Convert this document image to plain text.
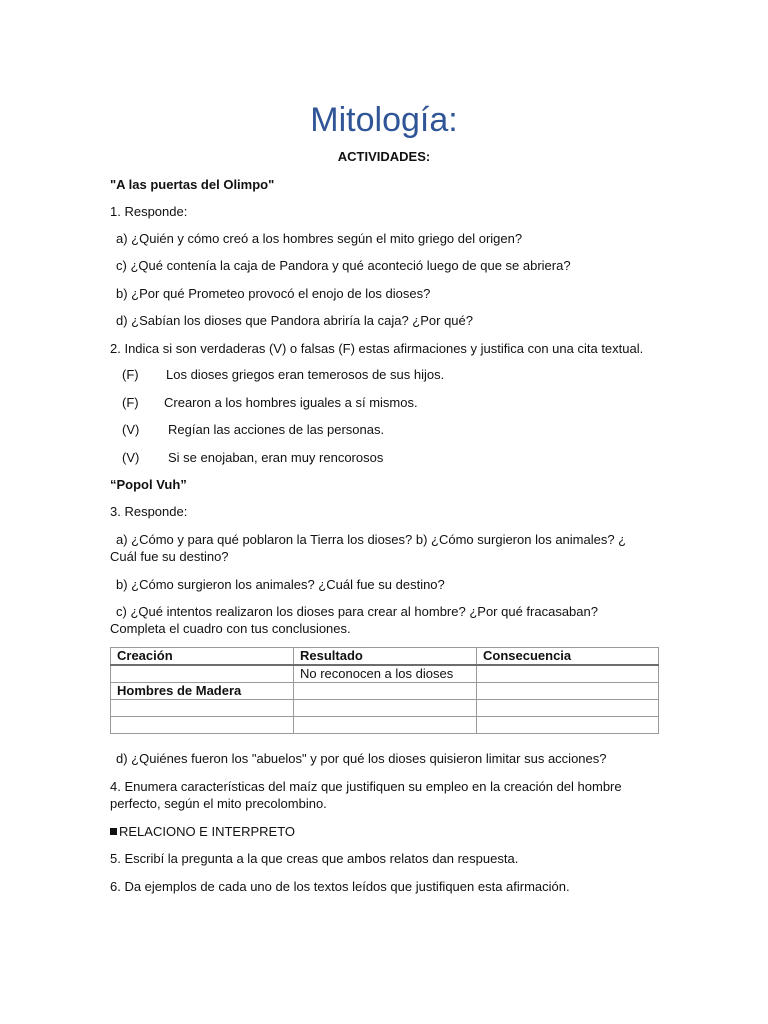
Mitología:
ACTIVIDADES:
"A las puertas del Olimpo"
1. Responde:
a) ¿Quién y cómo creó a los hombres según el mito griego del origen?
c) ¿Qué contenía la caja de Pandora y qué aconteció luego de que se abriera?
b) ¿Por qué Prometeo provocó el enojo de los dioses?
d) ¿Sabían los dioses que Pandora abriría la caja? ¿Por qué?
2. Indica si son verdaderas (V) o falsas (F) estas afirmaciones y justifica con una cita textual.
(F) Los dioses griegos eran temerosos de sus hijos.
(F) Crearon a los hombres iguales a sí mismos.
(V) Regían las acciones de las personas.
(V) Si se enojaban, eran muy rencorosos
“Popol Vuh”
3. Responde:
a) ¿Cómo y para qué poblaron la Tierra los dioses? b) ¿Cómo surgieron los animales? ¿ Cuál fue su destino?
b) ¿Cómo surgieron los animales? ¿Cuál fue su destino?
c) ¿Qué intentos realizaron los dioses para crear al hombre? ¿Por qué fracasaban? Completa el cuadro con tus conclusiones.
Creación	Resultado	Consecuencia
	No reconocen a los dioses	
Hombres de Madera		

d) ¿Quiénes fueron los "abuelos" y por qué los dioses quisieron limitar sus acciones?
4. Enumera características del maíz que justifiquen su empleo en la creación del hombre perfecto, según el mito precolombino.
RELACIONO E INTERPRETO
5. Escribí la pregunta a la que creas que ambos relatos dan respuesta.
6. Da ejemplos de cada uno de los textos leídos que justifiquen esta afirmación.
